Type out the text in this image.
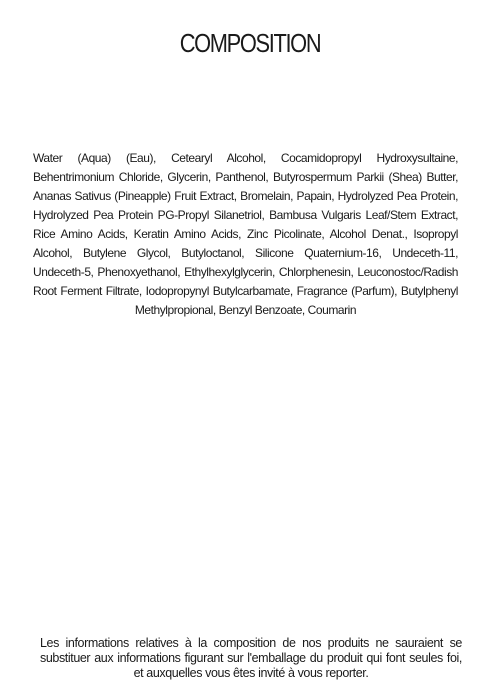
COMPOSITION

Water (Aqua) (Eau), Cetearyl Alcohol, Cocamidopropyl Hydroxysultaine, Behentrimonium Chloride, Glycerin, Panthenol, Butyrospermum Parkii (Shea) Butter, Ananas Sativus (Pineapple) Fruit Extract, Bromelain, Papain, Hydrolyzed Pea Protein, Hydrolyzed Pea Protein PG-Propyl Silanetriol, Bambusa Vulgaris Leaf/Stem Extract, Rice Amino Acids, Keratin Amino Acids, Zinc Picolinate, Alcohol Denat., Isopropyl Alcohol, Butylene Glycol, Butyloctanol, Silicone Quaternium-16, Undeceth-11, Undeceth-5, Phenoxyethanol, Ethylhexylglycerin, Chlorphenesin, Leuconostoc/Radish Root Ferment Filtrate, Iodopropynyl Butylcarbamate, Fragrance (Parfum), Butylphenyl Methylpropional, Benzyl Benzoate, Coumarin

Les informations relatives à la composition de nos produits ne sauraient se substituer aux informations figurant sur l'emballage du produit qui font seules foi, et auxquelles vous êtes invité à vous reporter.
